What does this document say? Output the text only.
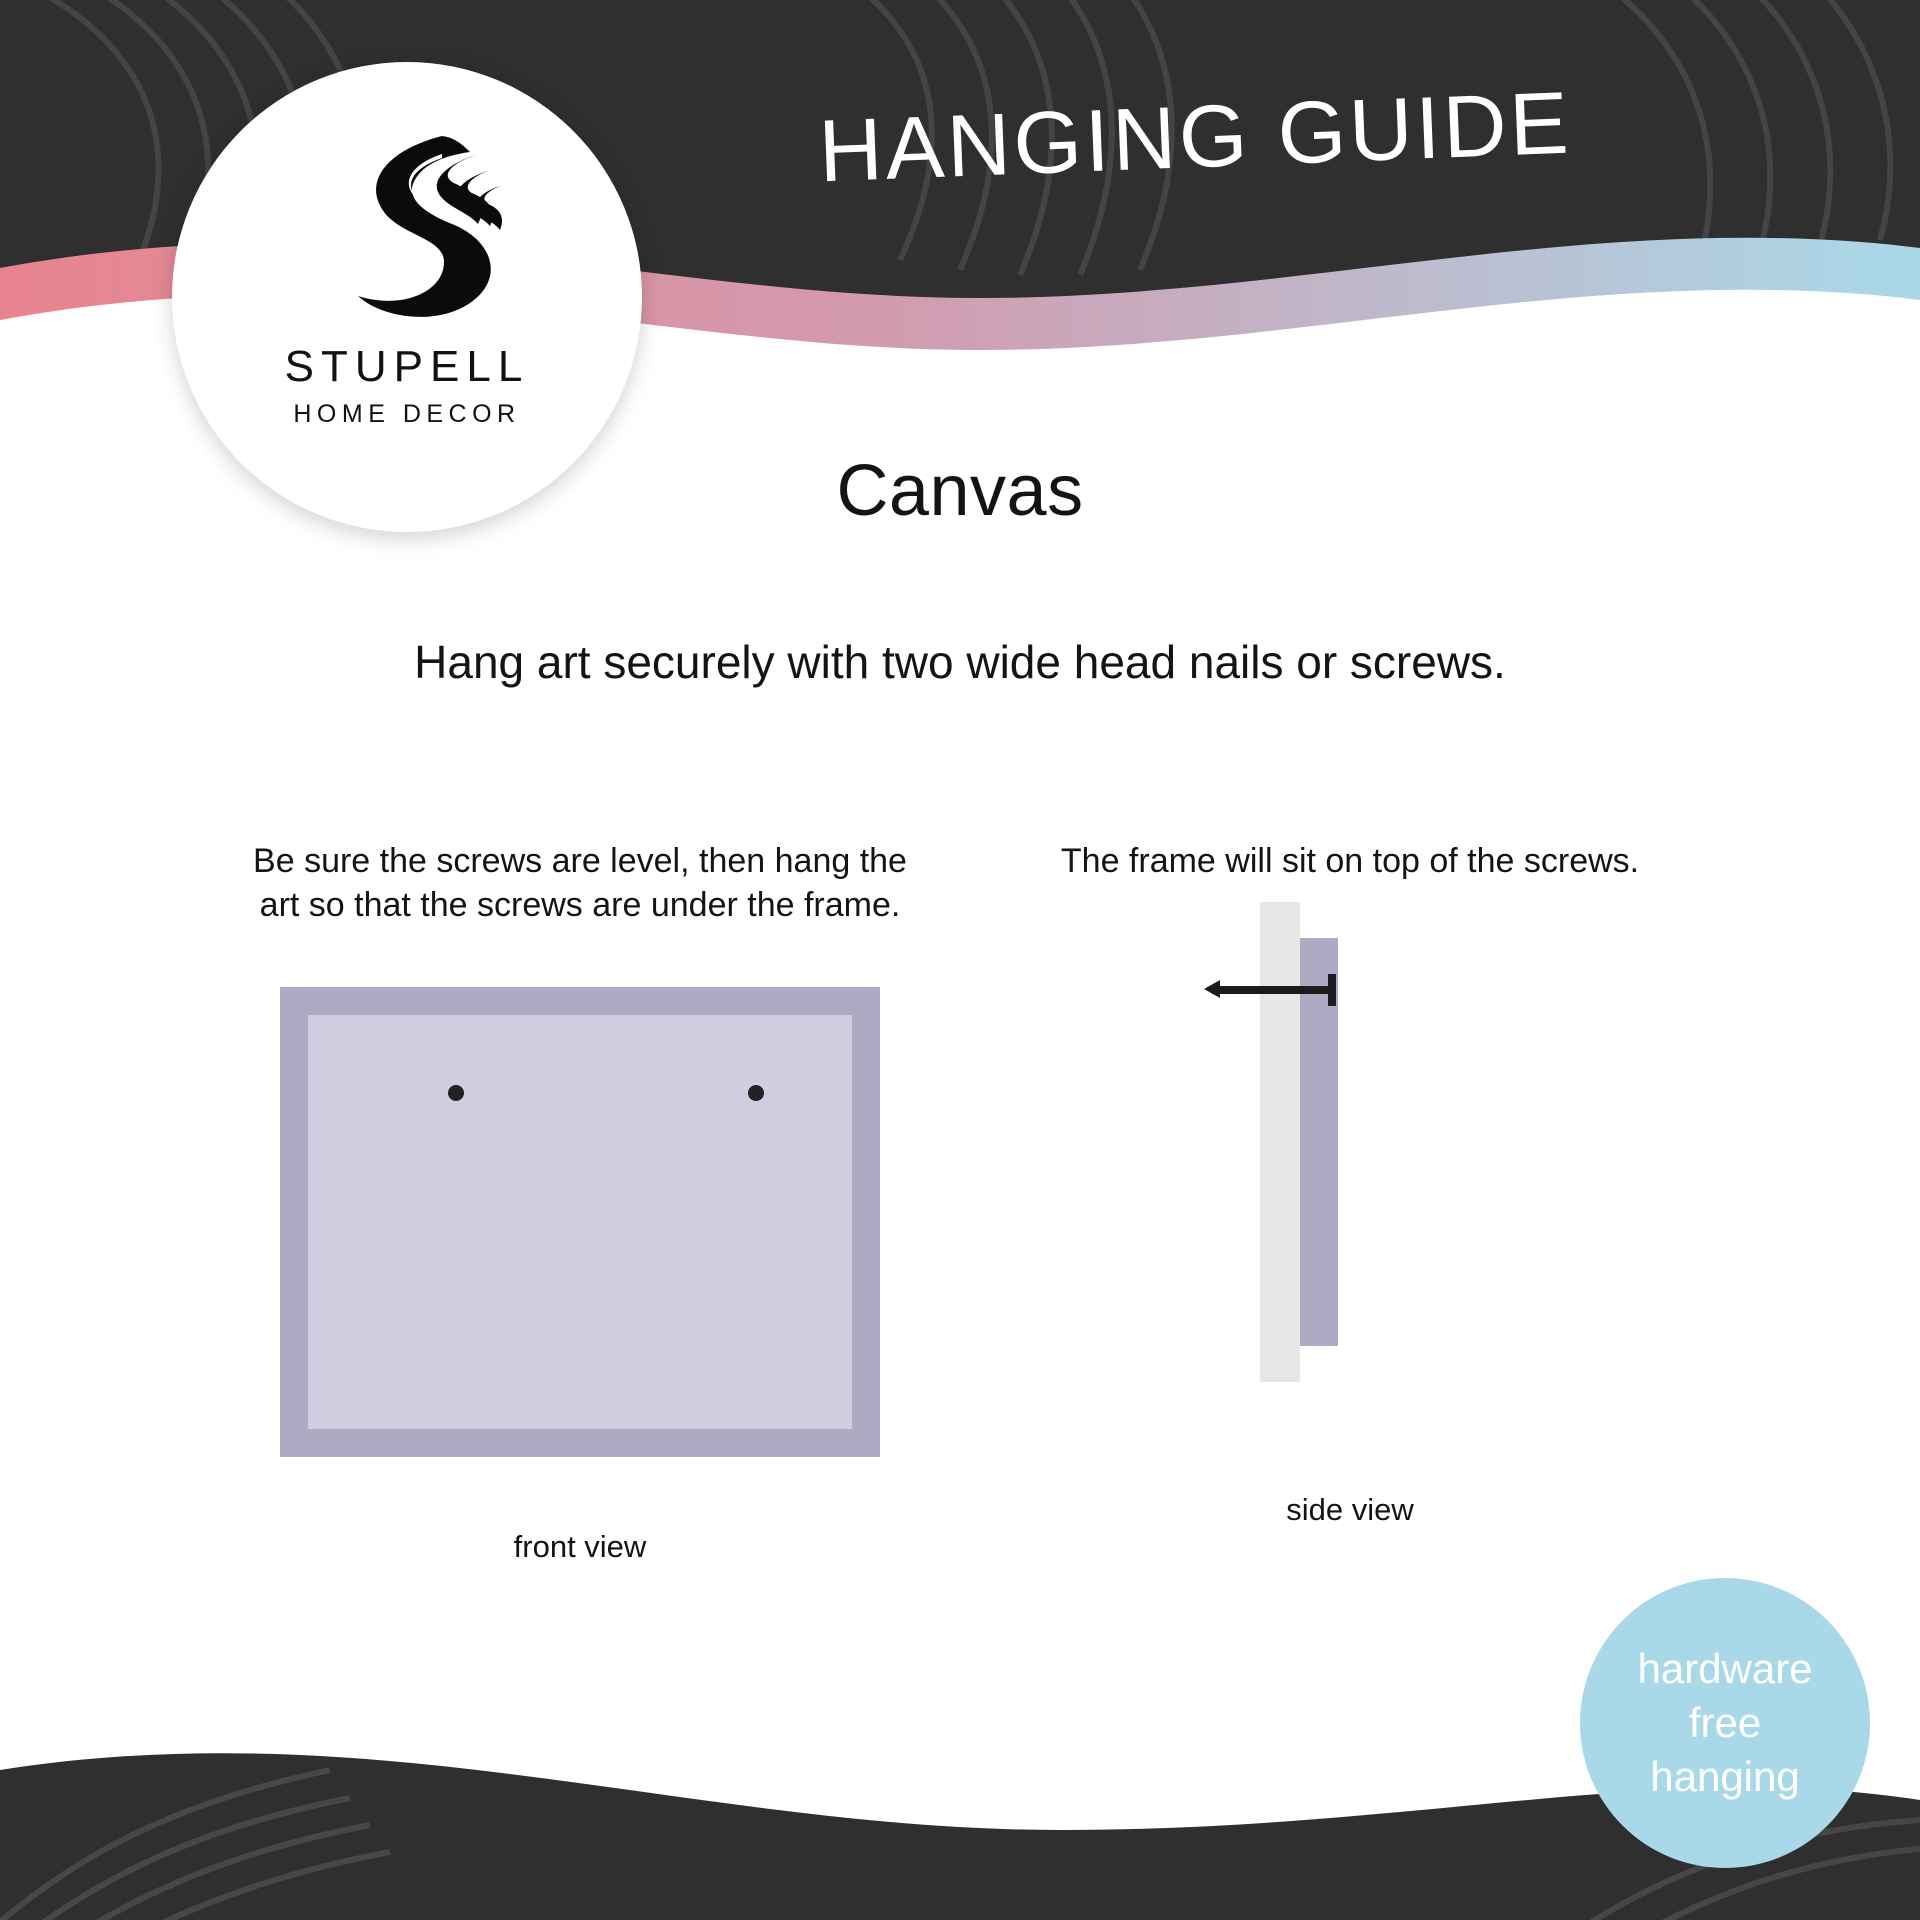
HANGING GUIDE
STUPELL
HOME DECOR
Canvas
Hang art securely with two wide head nails or screws.
Be sure the screws are level, then hang the art so that the screws are under the frame.
front view
The frame will sit on top of the screws.
side view
hardware
free
hanging
